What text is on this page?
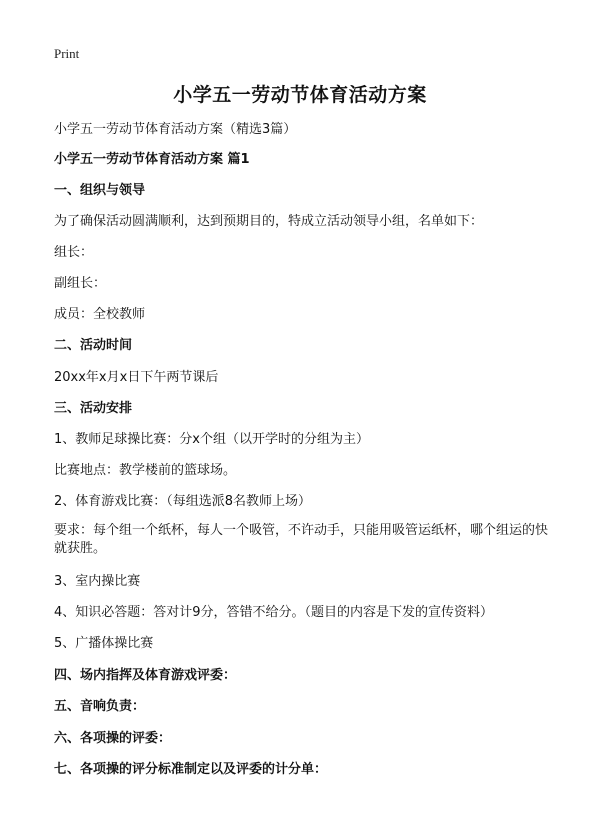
Print
小学五一劳动节体育活动方案
小学五一劳动节体育活动方案（精选3篇）
小学五一劳动节体育活动方案 篇1
一、组织与领导
为了确保活动圆满顺利，达到预期目的，特成立活动领导小组，名单如下：
组长：
副组长：
成员：全校教师
二、活动时间
20xx年x月x日下午两节课后
三、活动安排
1、教师足球操比赛：分x个组（以开学时的分组为主）
比赛地点：教学楼前的篮球场。
2、体育游戏比赛：（每组选派8名教师上场）
要求：每个组一个纸杯，每人一个吸管，不许动手，只能用吸管运纸杯，哪个组运的快就获胜。
3、室内操比赛
4、知识必答题：答对计9分，答错不给分。（题目的内容是下发的宣传资料）
5、广播体操比赛
四、场内指挥及体育游戏评委：
五、音响负责：
六、各项操的评委：
七、各项操的评分标准制定以及评委的计分单：
